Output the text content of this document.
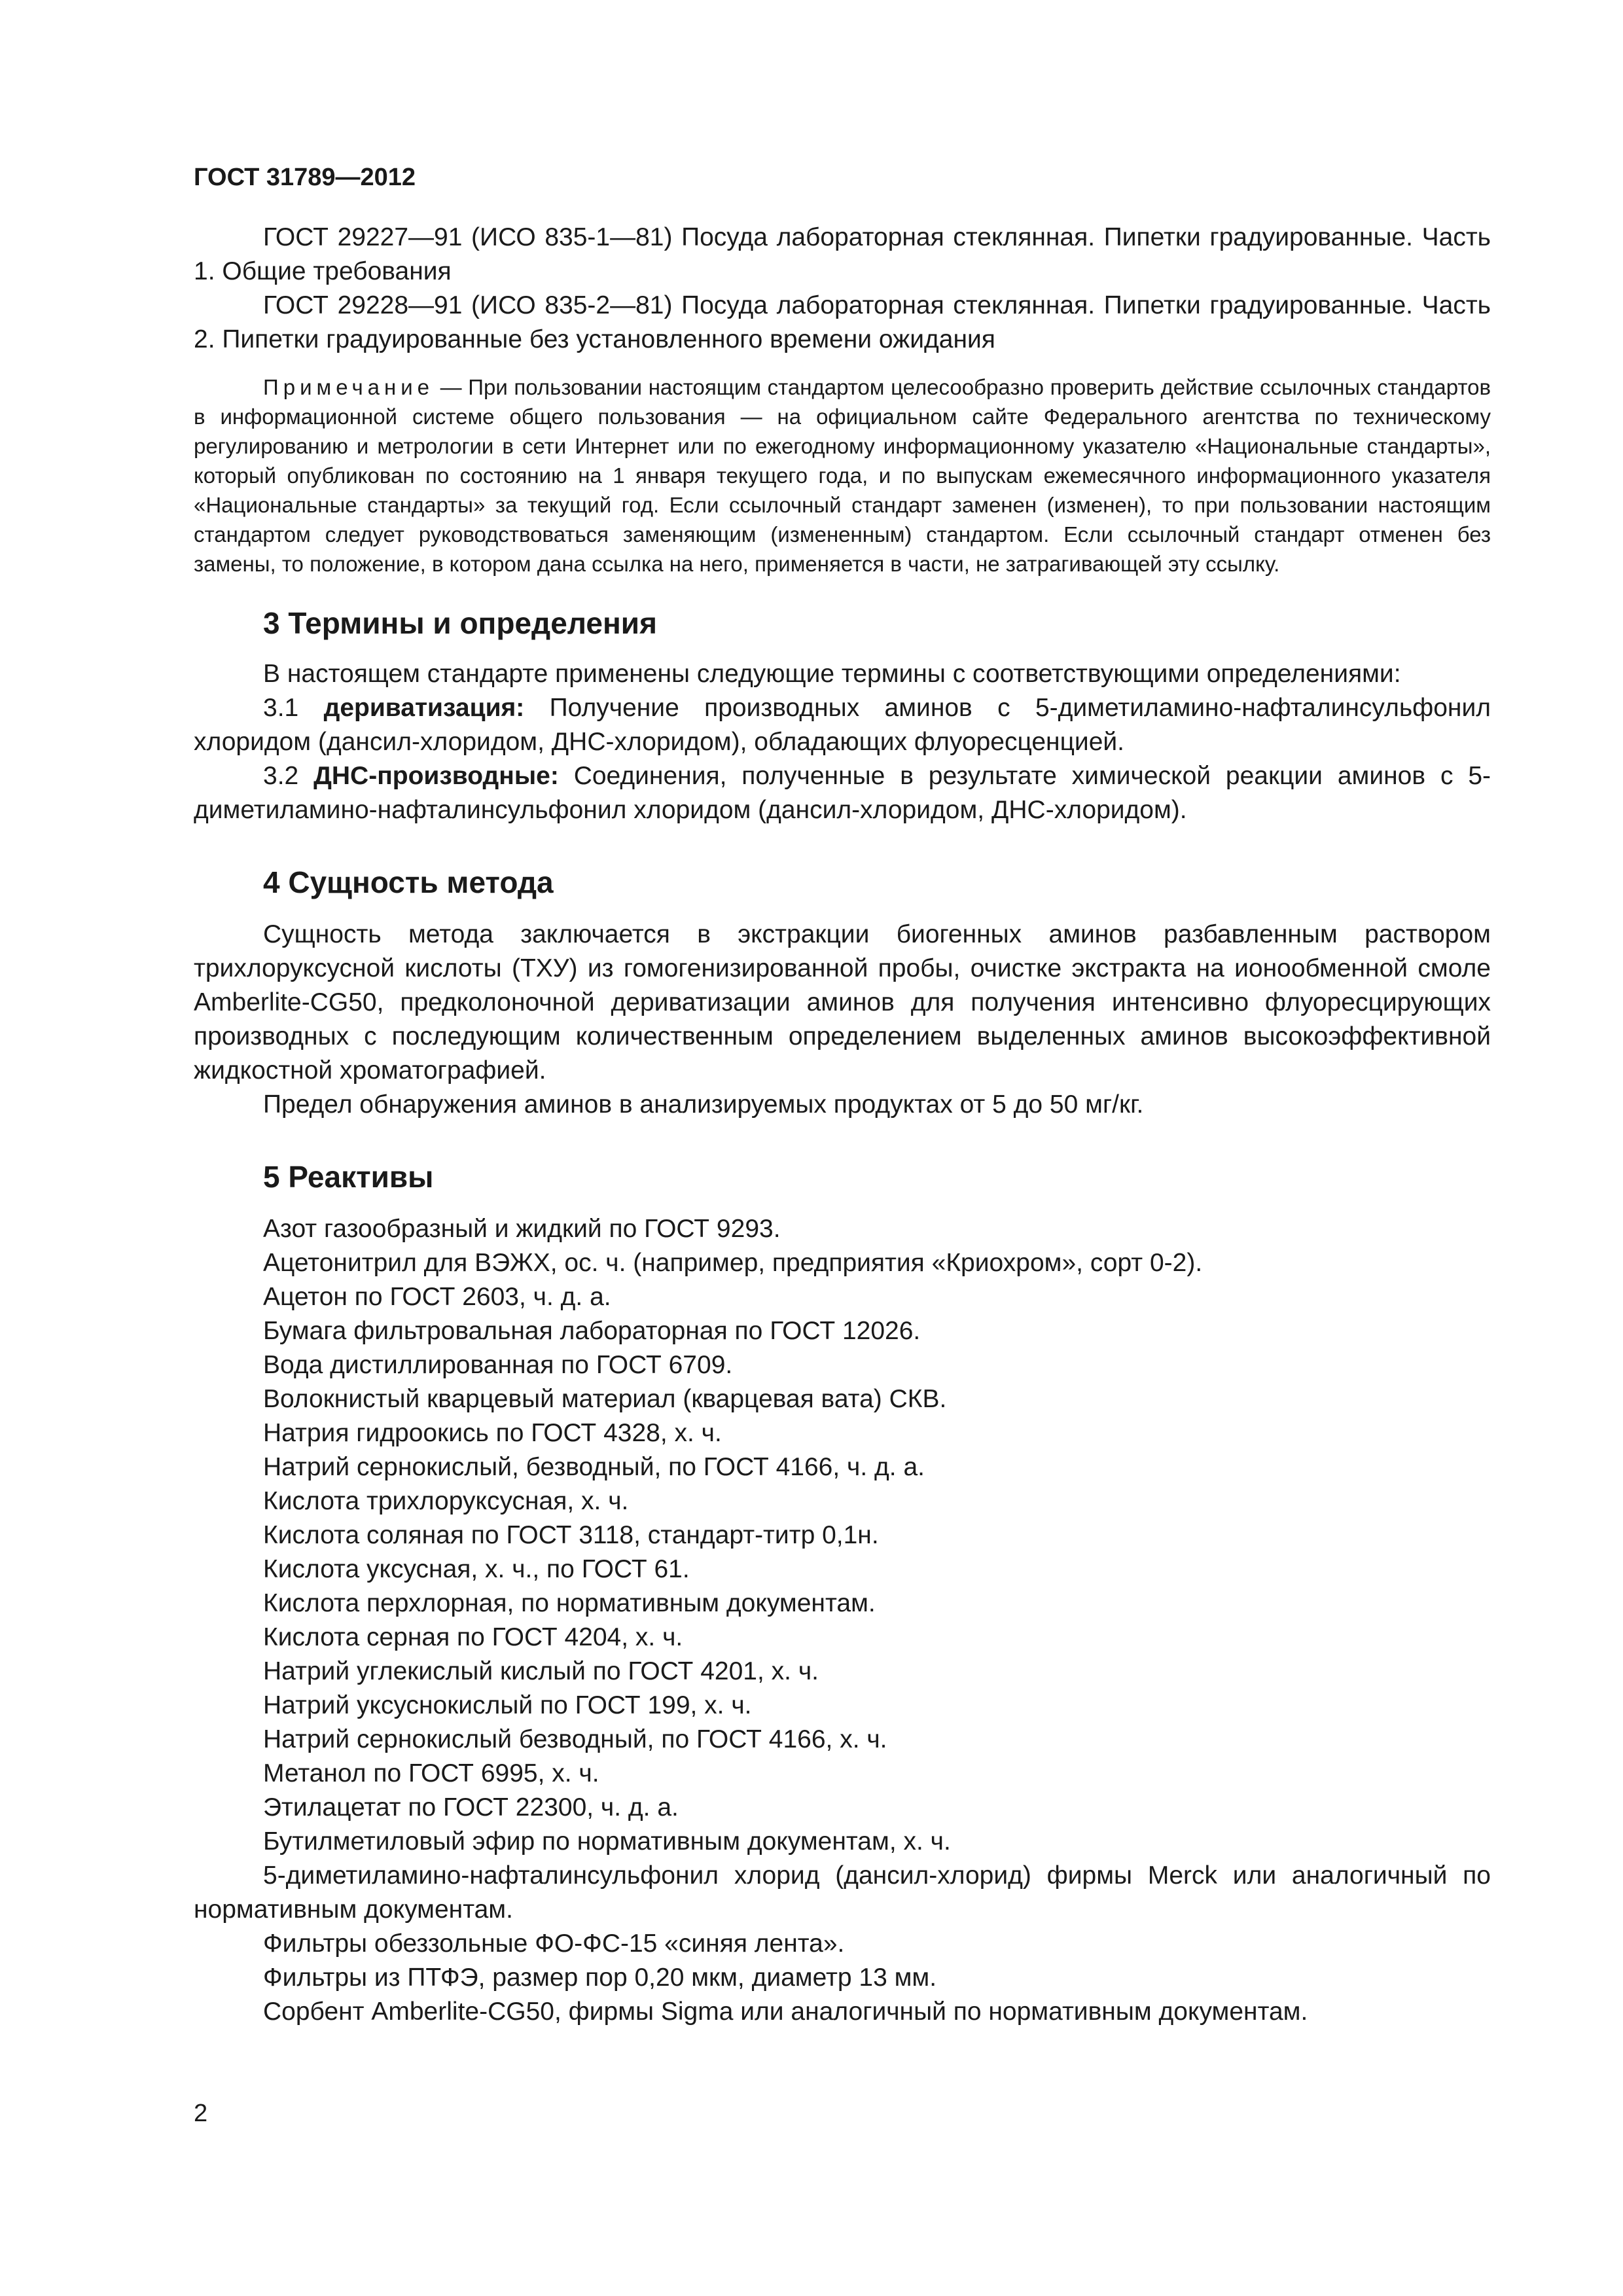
ГОСТ 31789—2012

ГОСТ 29227—91 (ИСО 835-1—81) Посуда лабораторная стеклянная. Пипетки градуированные. Часть 1. Общие требования

ГОСТ 29228—91 (ИСО 835-2—81) Посуда лабораторная стеклянная. Пипетки градуированные. Часть 2. Пипетки градуированные без установленного времени ожидания

Примечание — При пользовании настоящим стандартом целесообразно проверить действие ссылочных стандартов в информационной системе общего пользования — на официальном сайте Федерального агентства по техническому регулированию и метрологии в сети Интернет или по ежегодному информационному указателю «Национальные стандарты», который опубликован по состоянию на 1 января текущего года, и по выпускам ежемесячного информационного указателя «Национальные стандарты» за текущий год. Если ссылочный стандарт заменен (изменен), то при пользовании настоящим стандартом следует руководствоваться заменяющим (измененным) стандартом. Если ссылочный стандарт отменен без замены, то положение, в котором дана ссылка на него, применяется в части, не затрагивающей эту ссылку.

3 Термины и определения

В настоящем стандарте применены следующие термины с соответствующими определениями:

3.1 дериватизация: Получение производных аминов с 5-диметиламино-нафталинсульфонил хлоридом (дансил-хлоридом, ДНС-хлоридом), обладающих флуоресценцией.

3.2 ДНС-производные: Соединения, полученные в результате химической реакции аминов с 5-диметиламино-нафталинсульфонил хлоридом (дансил-хлоридом, ДНС-хлоридом).

4 Сущность метода

Сущность метода заключается в экстракции биогенных аминов разбавленным раствором трихлоруксусной кислоты (ТХУ) из гомогенизированной пробы, очистке экстракта на ионообменной смоле Amberlite-CG50, предколоночной дериватизации аминов для получения интенсивно флуоресцирующих производных с последующим количественным определением выделенных аминов высокоэффективной жидкостной хроматографией.

Предел обнаружения аминов в анализируемых продуктах от 5 до 50 мг/кг.

5 Реактивы

Азот газообразный и жидкий по ГОСТ 9293.

Ацетонитрил для ВЭЖХ, ос. ч. (например, предприятия «Криохром», сорт 0-2).

Ацетон по ГОСТ 2603, ч. д. а.

Бумага фильтровальная лабораторная по ГОСТ 12026.

Вода дистиллированная по ГОСТ 6709.

Волокнистый кварцевый материал (кварцевая вата) СКВ.

Натрия гидроокись по ГОСТ 4328, х. ч.

Натрий сернокислый, безводный, по ГОСТ 4166, ч. д. а.

Кислота трихлоруксусная, х. ч.

Кислота соляная по ГОСТ 3118, стандарт-титр 0,1н.

Кислота уксусная, х. ч., по ГОСТ 61.

Кислота перхлорная, по нормативным документам.

Кислота серная по ГОСТ 4204, х. ч.

Натрий углекислый кислый по ГОСТ 4201, х. ч.

Натрий уксуснокислый по ГОСТ 199, х. ч.

Натрий сернокислый безводный, по ГОСТ 4166, х. ч.

Метанол по ГОСТ 6995, х. ч.

Этилацетат по ГОСТ 22300, ч. д. а.

Бутилметиловый эфир по нормативным документам, х. ч.

5-диметиламино-нафталинсульфонил хлорид (дансил-хлорид) фирмы Merck или аналогичный по нормативным документам.

Фильтры обеззольные ФО-ФС-15 «синяя лента».

Фильтры из ПТФЭ, размер пор 0,20 мкм, диаметр 13 мм.

Сорбент Amberlite-CG50, фирмы Sigma или аналогичный по нормативным документам.

2
